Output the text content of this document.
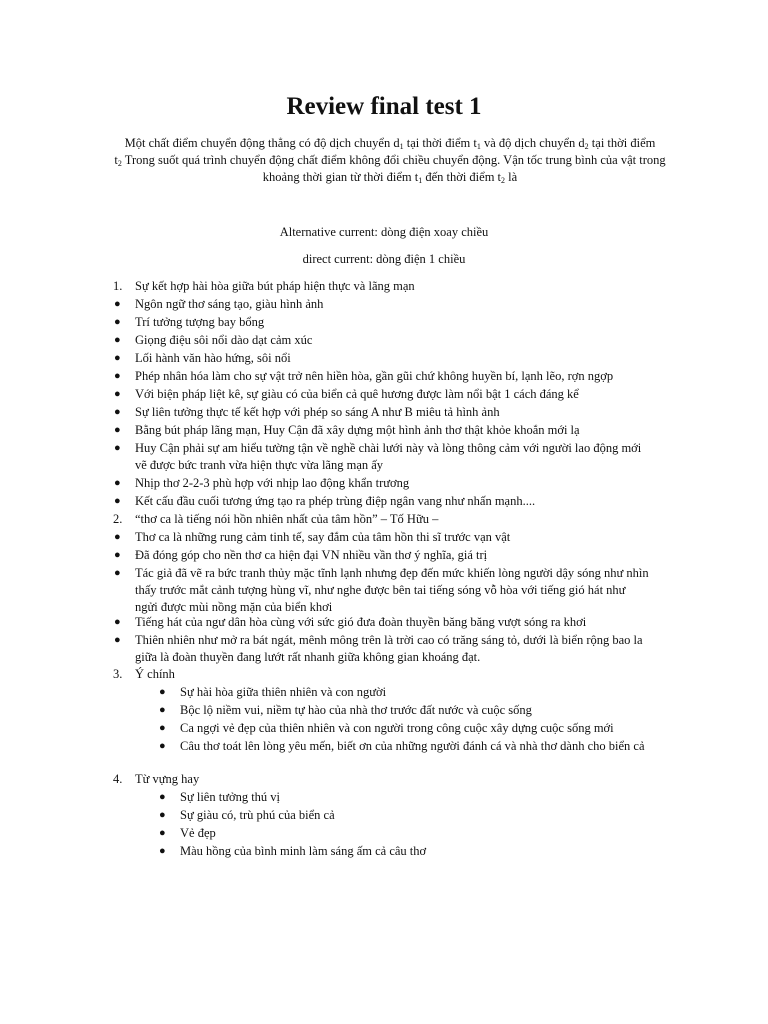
Review final test 1
Một chất điểm chuyển động thẳng có độ dịch chuyển $d_1$ tại thời điểm $t_1$ và độ dịch chuyển $d_2$ tại thời điểm
$t_2$ Trong suốt quá trình chuyển động chất điểm không đổi chiều chuyển động. Vận tốc trung bình của vật trong
khoảng thời gian từ thời điểm $t_1$ đến thời điểm $t_2$ là
Alternative current: dòng điện xoay chiều
direct current: dòng điện 1 chiều
1. Sự kết hợp hài hòa giữa bút pháp hiện thực và lãng mạn
● Ngôn ngữ thơ sáng tạo, giàu hình ảnh
● Trí tưởng tượng bay bổng
● Giọng điệu sôi nổi dào dạt cảm xúc
● Lối hành văn hào hứng, sôi nổi
● Phép nhân hóa làm cho sự vật trở nên hiền hòa, gần gũi chứ không huyền bí, lạnh lẽo, rợn ngợp
● Với biện pháp liệt kê, sự giàu có của biển cả quê hương được làm nổi bật 1 cách đáng kể
● Sự liên tưởng thực tế kết hợp với phép so sáng A như B miêu tả hình ảnh
● Bằng bút pháp lãng mạn, Huy Cận đã xây dựng một hình ảnh thơ thật khỏe khoắn mới lạ
● Huy Cận phải sự am hiểu tường tận về nghề chài lưới này và lòng thông cảm với người lao động mới
vẽ được bức tranh vừa hiện thực vừa lãng mạn ấy
● Nhịp thơ 2-2-3 phù hợp với nhịp lao động khẩn trương
● Kết cấu đầu cuối tương ứng tạo ra phép trùng điệp ngân vang như nhấn mạnh....
2. “thơ ca là tiếng nói hồn nhiên nhất của tâm hồn” – Tố Hữu –
● Thơ ca là những rung cảm tinh tế, say đắm của tâm hồn thi sĩ trước vạn vật
● Đã đóng góp cho nền thơ ca hiện đại VN nhiều vần thơ ý nghĩa, giá trị
● Tác giả đã vẽ ra bức tranh thủy mặc tĩnh lạnh nhưng đẹp đến mức khiến lòng người dậy sóng như nhìn
thấy trước mắt cảnh tượng hùng vĩ, như nghe được bên tai tiếng sóng vỗ hòa với tiếng gió hát như
ngửi được mùi nồng mặn của biển khơi
● Tiếng hát của ngư dân hòa cùng với sức gió đưa đoàn thuyền băng băng vượt sóng ra khơi
● Thiên nhiên như mở ra bát ngát, mênh mông trên là trời cao có trăng sáng tỏ, dưới là biển rộng bao la
giữa là đoàn thuyền đang lướt rất nhanh giữa không gian khoáng đạt.
3. Ý chính
● Sự hài hòa giữa thiên nhiên và con người
● Bộc lộ niềm vui, niềm tự hào của nhà thơ trước đất nước và cuộc sống
● Ca ngợi vẻ đẹp của thiên nhiên và con người trong công cuộc xây dựng cuộc sống mới
● Câu thơ toát lên lòng yêu mến, biết ơn của những người đánh cá và nhà thơ dành cho biển cả
4. Từ vựng hay
● Sự liên tưởng thú vị
● Sự giàu có, trù phú của biển cả
● Vẻ đẹp
● Màu hồng của bình minh làm sáng ấm cả câu thơ
